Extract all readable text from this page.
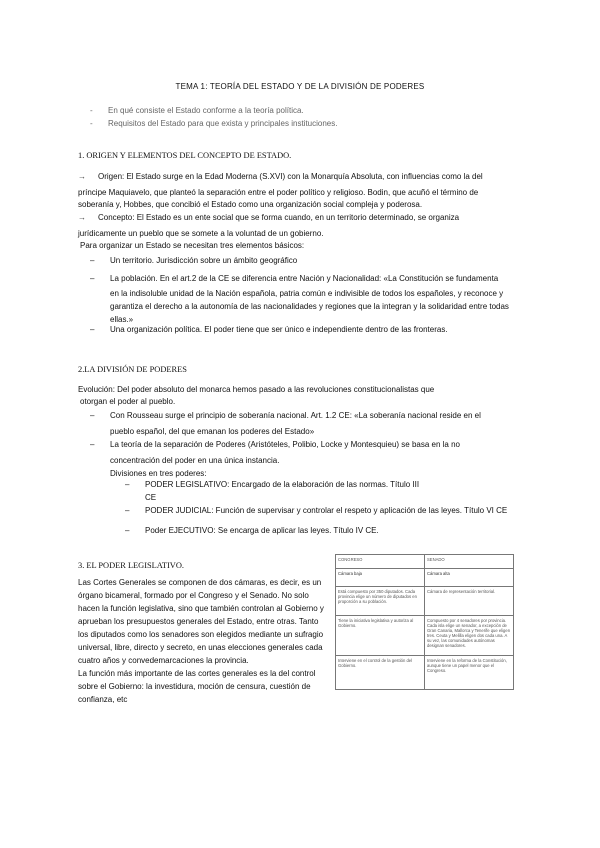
TEMA 1: TEORÍA DEL ESTADO Y DE LA DIVISIÓN DE PODERES
- En qué consiste el Estado conforme a la teoría política.
- Requisitos del Estado para que exista y principales instituciones.
1. ORIGEN Y ELEMENTOS DEL CONCEPTO DE ESTADO.
→ Origen: El Estado surge en la Edad Moderna (S.XVI) con la Monarquía Absoluta, con influencias como la del
príncipe Maquiavelo, que planteó la separación entre el poder político y religioso. Bodin, que acuñó el término de
soberanía y, Hobbes, que concibió el Estado como una organización social compleja y poderosa.
→ Concepto: El Estado es un ente social que se forma cuando, en un territorio determinado, se organiza
jurídicamente un pueblo que se somete a la voluntad de un gobierno.
Para organizar un Estado se necesitan tres elementos básicos:
– Un territorio. Jurisdicción sobre un ámbito geográfico
– La población. En el art.2 de la CE se diferencia entre Nación y Nacionalidad: «La Constitución se fundamenta
en la indisoluble unidad de la Nación española, patria común e indivisible de todos los españoles, y reconoce y
garantiza el derecho a la autonomía de las nacionalidades y regiones que la integran y la solidaridad entre todas
ellas.»
– Una organización política. El poder tiene que ser único e independiente dentro de las fronteras.
2.LA DIVISIÓN DE PODERES
Evolución: Del poder absoluto del monarca hemos pasado a las revoluciones constitucionalistas que
otorgan el poder al pueblo.
– Con Rousseau surge el principio de soberanía nacional. Art. 1.2 CE: «La soberanía nacional reside en el
pueblo español, del que emanan los poderes del Estado»
– La teoría de la separación de Poderes (Aristóteles, Polibio, Locke y Montesquieu) se basa en la no
concentración del poder en una única instancia.
Divisiones en tres poderes:
– PODER LEGISLATIVO: Encargado de la elaboración de las normas. Título III
CE
– PODER JUDICIAL: Función de supervisar y controlar el respeto y aplicación de las leyes. Título VI CE
– Poder EJECUTIVO: Se encarga de aplicar las leyes. Título IV CE.
3. EL PODER LEGISLATIVO.
Las Cortes Generales se componen de dos cámaras, es decir, es un
órgano bicameral, formado por el Congreso y el Senado. No solo
hacen la función legislativa, sino que también controlan al Gobierno y
aprueban los presupuestos generales del Estado, entre otras. Tanto
los diputados como los senadores son elegidos mediante un sufragio
universal, libre, directo y secreto, en unas elecciones generales cada
cuatro años y convedemarcaciones la provincia.
La función más importante de las cortes generales es la del control
sobre el Gobierno: la investidura, moción de censura, cuestión de
confianza, etc
CONGRESO	SENADO
Cámara baja	Cámara alta
Está compuesto por 350 diputados. Cada provincia elige un número de diputados en proporción a su población.	Cámara de representación territorial.
Tiene la iniciativa legislativa y autoriza al Gobierno.	Compuesto por 4 senadores por provincia. Cada isla elige un senador, a excepción de Gran Canaria, Mallorca y Tenerife que eligen tres. Ceuta y Melilla eligen dos cada una. A su vez, las comunidades autónomas designan senadores.
Interviene en el control de la gestión del Gobierno.	Interviene en la reforma de la Constitución, aunque tiene un papel menor que el Congreso.
